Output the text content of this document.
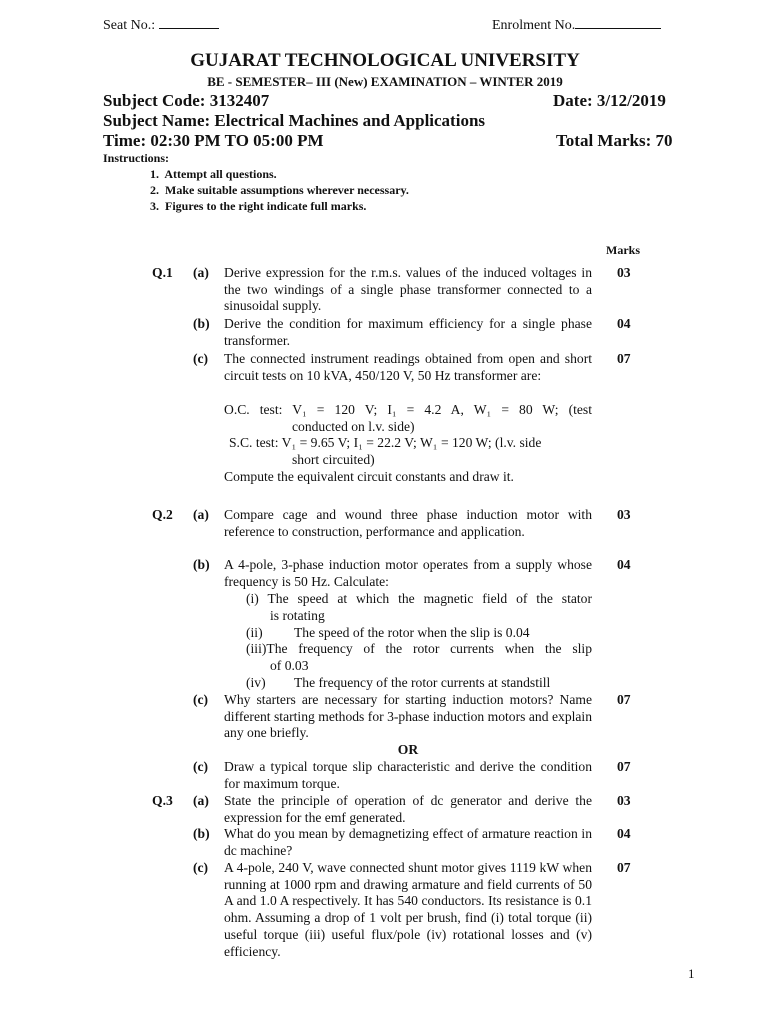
Seat No.:	Enrolment No.
GUJARAT TECHNOLOGICAL UNIVERSITY
BE - SEMESTER– III (New) EXAMINATION – WINTER 2019
Subject Code: 3132407	Date: 3/12/2019
Subject Name: Electrical Machines and Applications
Time: 02:30 PM TO 05:00 PM	Total Marks: 70
Instructions:
1.  Attempt all questions.
2.  Make suitable assumptions wherever necessary.
3.  Figures to the right indicate full marks.
Marks
Q.1 (a) Derive expression for the r.m.s. values of the induced voltages in the two windings of a single phase transformer connected to a sinusoidal supply.
03
(b) Derive the condition for maximum efficiency for a single phase transformer.
04
(c) The connected instrument readings obtained from open and short circuit tests on 10 kVA, 450/120 V, 50 Hz transformer are:
O.C. test: V₁ = 120 V; I₁ = 4.2 A, W₁ = 80 W; (test
conducted on l.v. side)
S.C. test: V₁ = 9.65 V; I₁ = 22.2 V; W₁ = 120 W; (l.v. side
short circuited)
Compute the equivalent circuit constants and draw it.
07
Q.2 (a) Compare cage and wound three phase induction motor with reference to construction, performance and application.
03
(b) A 4-pole, 3-phase induction motor operates from a supply whose frequency is 50 Hz. Calculate:
04
(i) The speed at which the magnetic field of the stator
is rotating
(ii) The speed of the rotor when the slip is 0.04
(iii)The frequency of the rotor currents when the slip
of 0.03
(iv) The frequency of the rotor currents at standstill
(c) Why starters are necessary for starting induction motors? Name different starting methods for 3-phase induction motors and explain any one briefly.
07
OR
(c) Draw a typical torque slip characteristic and derive the condition for maximum torque.
07
Q.3 (a) State the principle of operation of dc generator and derive the expression for the emf generated.
03
(b) What do you mean by demagnetizing effect of armature reaction in dc machine?
04
(c) A 4-pole, 240 V, wave connected shunt motor gives 1119 kW when running at 1000 rpm and drawing armature and field currents of 50 A and 1.0 A respectively. It has 540 conductors. Its resistance is 0.1 ohm. Assuming a drop of 1 volt per brush, find (i) total torque (ii) useful torque (iii) useful flux/pole (iv) rotational losses and (v) efficiency.
07
1
